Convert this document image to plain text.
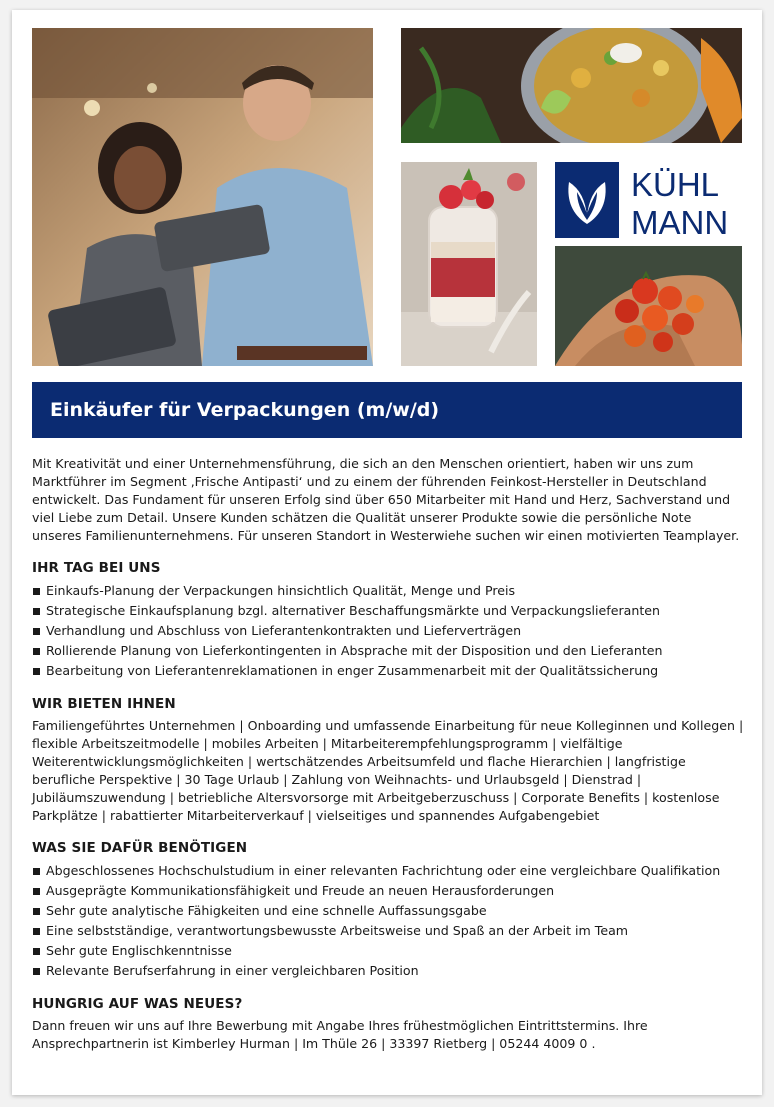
KÜHL
MANN
Einkäufer für Verpackungen (m/w/d)

Mit Kreativität und einer Unternehmensführung, die sich an den Menschen orientiert, haben wir uns zum Marktführer im Segment ‚Frische Antipasti‘ und zu einem der führenden Feinkost-Hersteller in Deutschland entwickelt. Das Fundament für unseren Erfolg sind über 650 Mitarbeiter mit Hand und Herz, Sachverstand und viel Liebe zum Detail. Unsere Kunden schätzen die Qualität unserer Produkte sowie die persönliche Note unseres Familienunternehmens. Für unseren Standort in Westerwiehe suchen wir einen motivierten Teamplayer.

IHR TAG BEI UNS
Einkaufs-Planung der Verpackungen hinsichtlich Qualität, Menge und Preis
Strategische Einkaufsplanung bzgl. alternativer Beschaffungsmärkte und Verpackungslieferanten
Verhandlung und Abschluss von Lieferantenkontrakten und Lieferverträgen
Rollierende Planung von Lieferkontingenten in Absprache mit der Disposition und den Lieferanten
Bearbeitung von Lieferantenreklamationen in enger Zusammenarbeit mit der Qualitätssicherung
WIR BIETEN IHNEN

Familiengeführtes Unternehmen | Onboarding und umfassende Einarbeitung für neue Kolleginnen und Kollegen | flexible Arbeitszeitmodelle | mobiles Arbeiten | Mitarbeiterempfehlungsprogramm | vielfältige Weiterentwicklungsmöglichkeiten | wertschätzendes Arbeitsumfeld und flache Hierarchien | langfristige berufliche Perspektive | 30 Tage Urlaub | Zahlung von Weihnachts- und Urlaubsgeld | Dienstrad | Jubiläumszuwendung | betriebliche Altersvorsorge mit Arbeitgeberzuschuss | Corporate Benefits | kostenlose Parkplätze | rabattierter Mitarbeiterverkauf | vielseitiges und spannendes Aufgabengebiet

WAS SIE DAFÜR BENÖTIGEN
Abgeschlossenes Hochschulstudium in einer relevanten Fachrichtung oder eine vergleichbare Qualifikation
Ausgeprägte Kommunikationsfähigkeit und Freude an neuen Herausforderungen
Sehr gute analytische Fähigkeiten und eine schnelle Auffassungsgabe
Eine selbstständige, verantwortungsbewusste Arbeitsweise und Spaß an der Arbeit im Team
Sehr gute Englischkenntnisse
Relevante Berufserfahrung in einer vergleichbaren Position
HUNGRIG AUF WAS NEUES?

Dann freuen wir uns auf Ihre Bewerbung mit Angabe Ihres frühestmöglichen Eintrittstermins. Ihre Ansprechpartnerin ist Kimberley Hurman | Im Thüle 26 | 33397 Rietberg | 05244 4009 0 .
